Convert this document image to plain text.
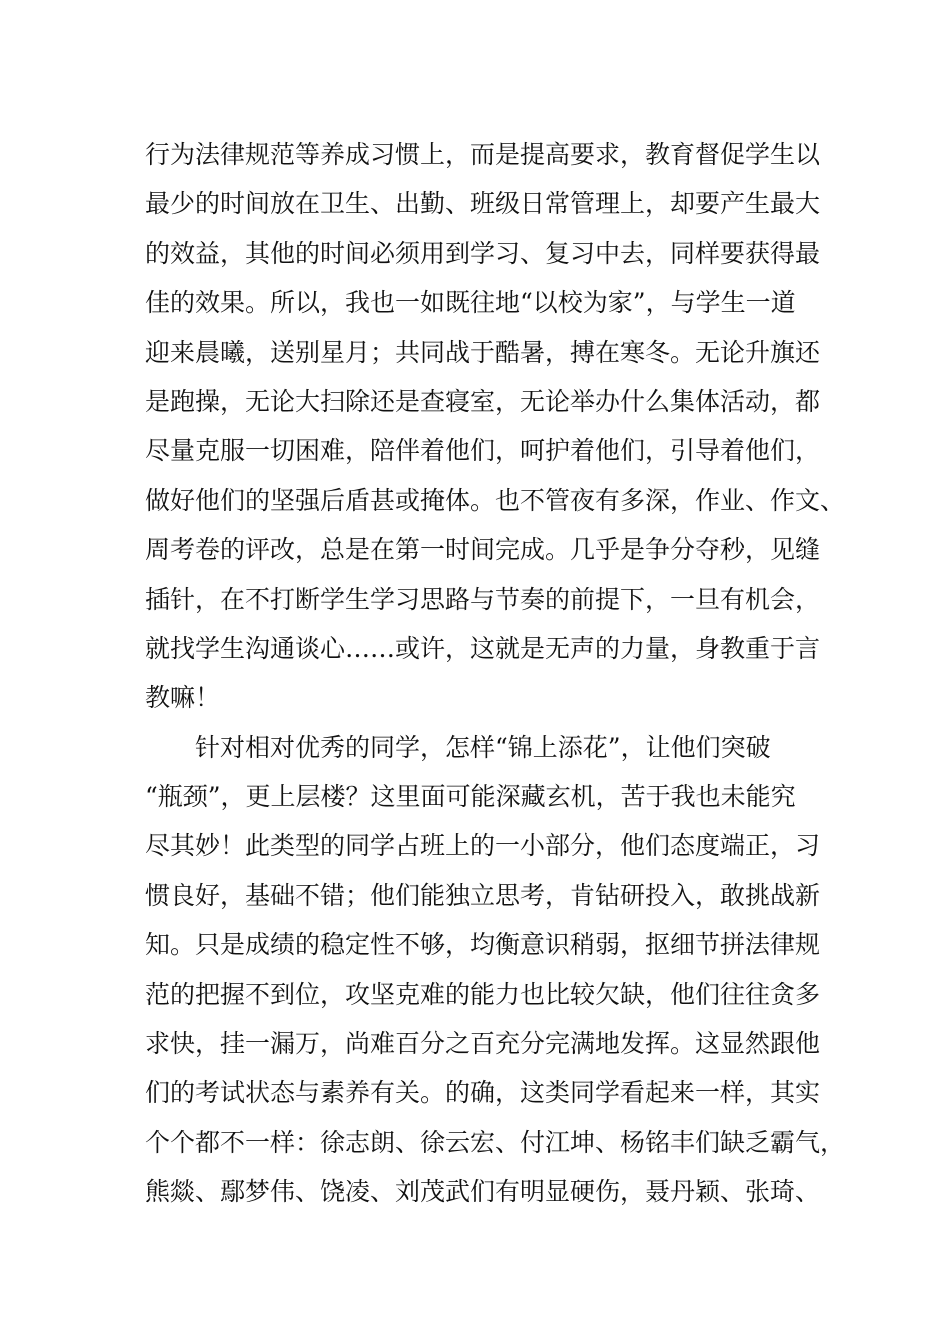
行为法律规范等养成习惯上，而是提高要求，教育督促学生以
最少的时间放在卫生、出勤、班级日常管理上，却要产生最大
的效益，其他的时间必须用到学习、复习中去，同样要获得最
佳的效果。所以，我也一如既往地“以校为家”，与学生一道
迎来晨曦，送别星月；共同战于酷暑，搏在寒冬。无论升旗还
是跑操，无论大扫除还是查寝室，无论举办什么集体活动，都
尽量克服一切困难，陪伴着他们，呵护着他们，引导着他们，
做好他们的坚强后盾甚或掩体。也不管夜有多深，作业、作文、
周考卷的评改，总是在第一时间完成。几乎是争分夺秒，见缝
插针，在不打断学生学习思路与节奏的前提下，一旦有机会，
就找学生沟通谈心……或许，这就是无声的力量，身教重于言
教嘛！
针对相对优秀的同学，怎样“锦上添花”，让他们突破
“瓶颈”，更上层楼？这里面可能深藏玄机，苦于我也未能究
尽其妙！此类型的同学占班上的一小部分，他们态度端正，习
惯良好，基础不错；他们能独立思考，肯钻研投入，敢挑战新
知。只是成绩的稳定性不够，均衡意识稍弱，抠细节拼法律规
范的把握不到位，攻坚克难的能力也比较欠缺，他们往往贪多
求快，挂一漏万，尚难百分之百充分完满地发挥。这显然跟他
们的考试状态与素养有关。的确，这类同学看起来一样，其实
个个都不一样：徐志朗、徐云宏、付江坤、杨铭丰们缺乏霸气，
熊燚、鄢梦伟、饶凌、刘茂武们有明显硬伤，聂丹颖、张琦、
